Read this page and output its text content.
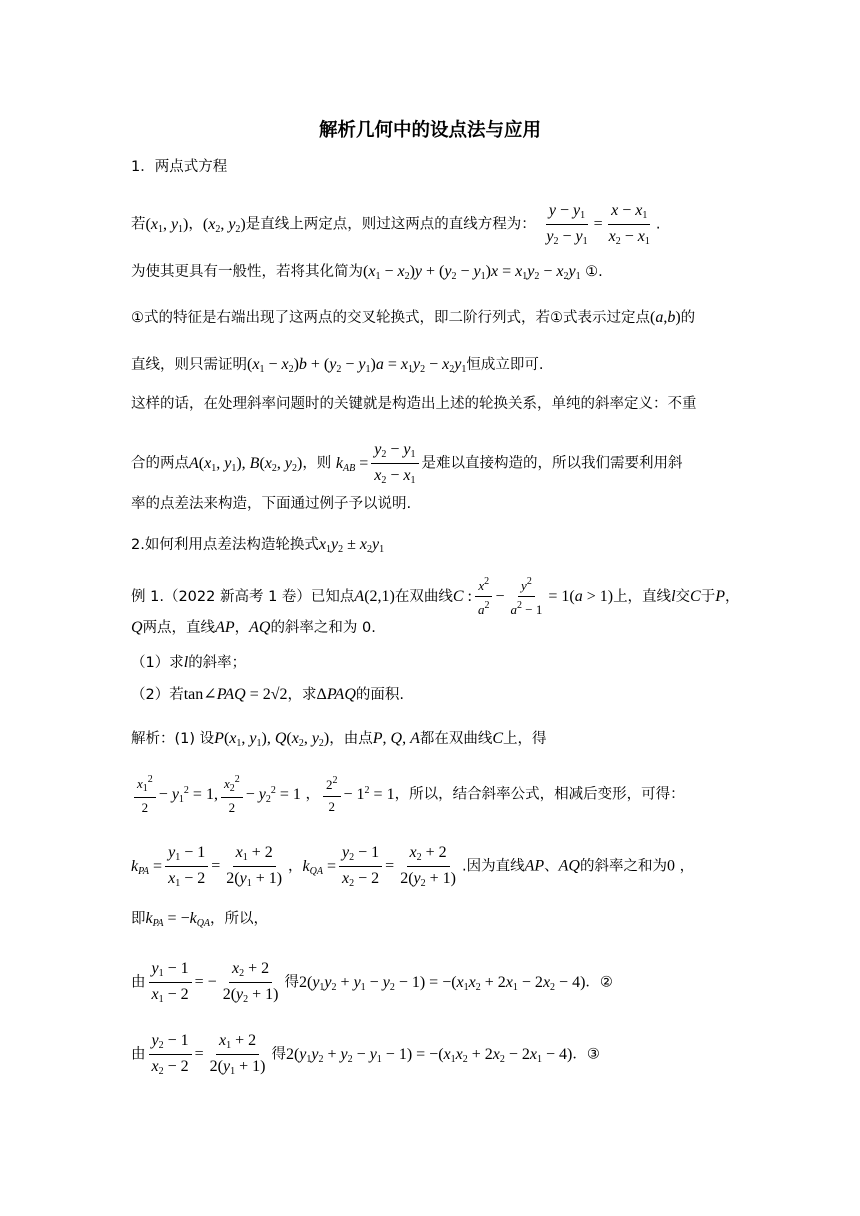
解析几何中的设点法与应用
1．两点式方程
若($x_1$, $y_1$)，($x_2$, $y_2$)是直线上两定点，则过这两点的直线方程为： $\frac{y - y_1}{y_2 - y_1} = \frac{x - x_1}{x_2 - x_1}$ .
为使其更具有一般性，若将其化简为$(x_1 - x_2)y + (y_2 - y_1)x = x_1y_2 - x_2y_1$ ①.
①式的特征是右端出现了这两点的交叉轮换式，即二阶行列式，若①式表示过定点(a,b)的
直线，则只需证明$(x_1 - x_2)b + (y_2 - y_1)a = x_1y_2 - x_2y_1$恒成立即可.
这样的话，在处理斜率问题时的关键就是构造出上述的轮换关系，单纯的斜率定义：不重
合的两点$A(x_1$, $y_1$), $B(x_2$, $y_2$)，则 $k_{AB} = \frac{y_2 - y_1}{x_2 - x_1}$ 是难以直接构造的，所以我们需要利用斜
率的点差法来构造，下面通过例子予以说明.
2.如何利用点差法构造轮换式$x_1y_2 \pm x_2y_1$
例 1.（2022 新高考 1 卷）已知点A(2,1)在双曲线C : $\frac{x^2}{a^2} - \frac{y^2}{a^2 - 1} = 1(a > 1)$上，直线l交C于P，
Q两点，直线AP，AQ的斜率之和为 0.
（1）求l的斜率；
（2）若tan∠PAQ = 2√2，求ΔPAQ的面积.
解析：(1) 设$P(x_1$, $y_1$), $Q(x_2$, $y_2$)，由点P, Q, A都在双曲线C上，得
$\frac{x_1^2}{2} - y_1^2 = 1$, $\frac{x_2^2}{2} - y_2^2 = 1$ ， $\frac{2^2}{2} - 1^2 = 1$，所以，结合斜率公式，相减后变形，可得：
$k_{PA} = \frac{y_1 - 1}{x_1 - 2} = \frac{x_1 + 2}{2(y_1 + 1)}$ ，$k_{QA} = \frac{y_2 - 1}{x_2 - 2} = \frac{x_2 + 2}{2(y_2 + 1)}$ .因为直线AP、AQ的斜率之和为0 ，
即$k_{PA} = -k_{QA}$，所以，
由 $\frac{y_1 - 1}{x_1 - 2}$ = − $\frac{x_2 + 2}{2(y_2 + 1)}$ 得$2(y_1y_2 + y_1 - y_2 - 1) = -(x_1x_2 + 2x_1 - 2x_2 - 4)$．②
由 $\frac{y_2 - 1}{x_2 - 2} = \frac{x_1 + 2}{2(y_1 + 1)}$ 得$2(y_1y_2 + y_2 - y_1 - 1) = -(x_1x_2 + 2x_2 - 2x_1 - 4)$．③
